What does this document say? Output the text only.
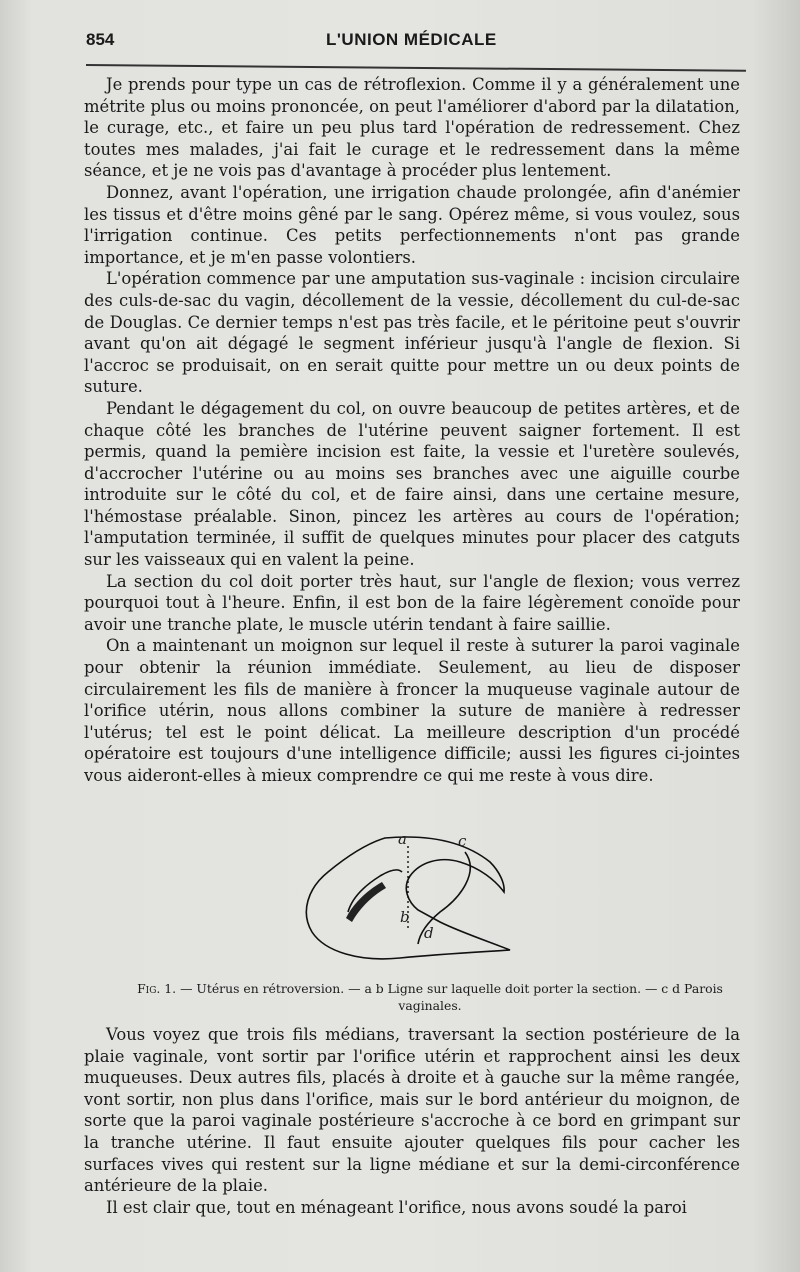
854	L'UNION MÉDICALE

Je prends pour type un cas de rétroflexion. Comme il y a généralement une métrite plus ou moins prononcée, on peut l'améliorer d'abord par la dilatation, le curage, etc., et faire un peu plus tard l'opération de redressement. Chez toutes mes malades, j'ai fait le curage et le redressement dans la même séance, et je ne vois pas d'avantage à procéder plus lentement.

Donnez, avant l'opération, une irrigation chaude prolongée, afin d'anémier les tissus et d'être moins gêné par le sang. Opérez même, si vous voulez, sous l'irrigation continue. Ces petits perfectionnements n'ont pas grande importance, et je m'en passe volontiers.

L'opération commence par une amputation sus-vaginale : incision circulaire des culs-de-sac du vagin, décollement de la vessie, décollement du cul-de-sac de Douglas. Ce dernier temps n'est pas très facile, et le péritoine peut s'ouvrir avant qu'on ait dégagé le segment inférieur jusqu'à l'angle de flexion. Si l'accroc se produisait, on en serait quitte pour mettre un ou deux points de suture.

Pendant le dégagement du col, on ouvre beaucoup de petites artères, et de chaque côté les branches de l'utérine peuvent saigner fortement. Il est permis, quand la pemière incision est faite, la vessie et l'uretère soulevés, d'accrocher l'utérine ou au moins ses branches avec une aiguille courbe introduite sur le côté du col, et de faire ainsi, dans une certaine mesure, l'hémostase préalable. Sinon, pincez les artères au cours de l'opération; l'amputation terminée, il suffit de quelques minutes pour placer des catguts sur les vaisseaux qui en valent la peine.

La section du col doit porter très haut, sur l'angle de flexion; vous verrez pourquoi tout à l'heure. Enfin, il est bon de la faire légèrement conoïde pour avoir une tranche plate, le muscle utérin tendant à faire saillie.

On a maintenant un moignon sur lequel il reste à suturer la paroi vaginale pour obtenir la réunion immédiate. Seulement, au lieu de disposer circulairement les fils de manière à froncer la muqueuse vaginale autour de l'orifice utérin, nous allons combiner la suture de manière à redresser l'utérus; tel est le point délicat. La meilleure description d'un procédé opératoire est toujours d'une intelligence difficile; aussi les figures ci-jointes vous aideront-elles à mieux comprendre ce qui me reste à vous dire.

a	c
b
d
Fig. 1. — Utérus en rétroversion. — a b Ligne sur laquelle doit porter la section. — c d Parois vaginales.

Vous voyez que trois fils médians, traversant la section postérieure de la plaie vaginale, vont sortir par l'orifice utérin et rapprochent ainsi les deux muqueuses. Deux autres fils, placés à droite et à gauche sur la même rangée, vont sortir, non plus dans l'orifice, mais sur le bord antérieur du moignon, de sorte que la paroi vaginale postérieure s'accroche à ce bord en grimpant sur la tranche utérine. Il faut ensuite ajouter quelques fils pour cacher les surfaces vives qui restent sur la ligne médiane et sur la demi-circonférence antérieure de la plaie.

Il est clair que, tout en ménageant l'orifice, nous avons soudé la paroi
